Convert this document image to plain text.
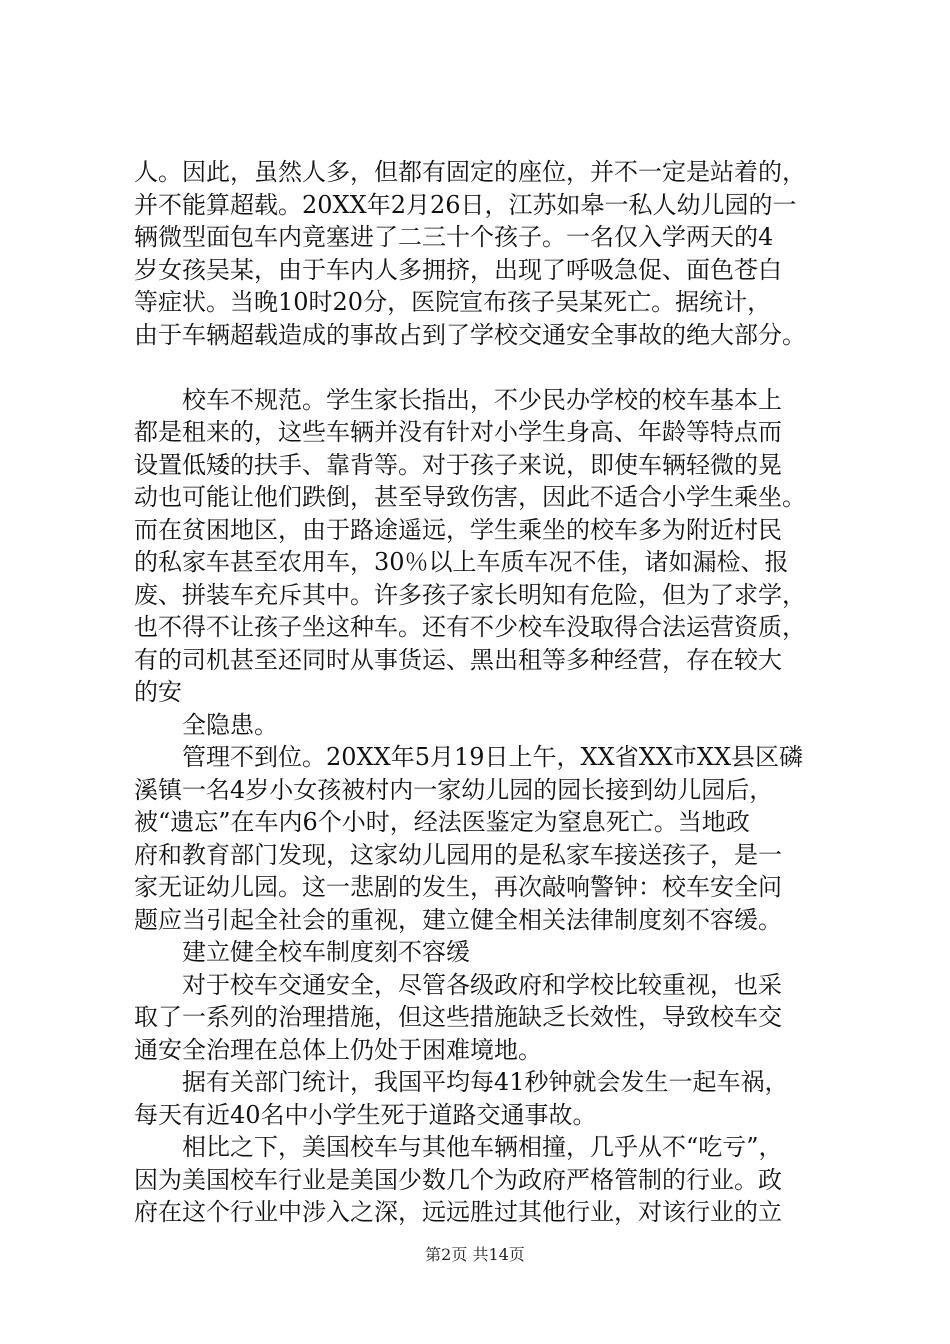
人。因此，虽然人多，但都有固定的座位，并不一定是站着的，
并不能算超载。20XX年2月26日，江苏如皋一私人幼儿园的一
辆微型面包车内竟塞进了二三十个孩子。一名仅入学两天的4
岁女孩吴某，由于车内人多拥挤，出现了呼吸急促、面色苍白
等症状。当晚10时20分，医院宣布孩子吴某死亡。据统计，
由于车辆超载造成的事故占到了学校交通安全事故的绝大部分。
校车不规范。学生家长指出，不少民办学校的校车基本上
都是租来的，这些车辆并没有针对小学生身高、年龄等特点而
设置低矮的扶手、靠背等。对于孩子来说，即使车辆轻微的晃
动也可能让他们跌倒，甚至导致伤害，因此不适合小学生乘坐。
而在贫困地区，由于路途遥远，学生乘坐的校车多为附近村民
的私家车甚至农用车，30％以上车质车况不佳，诸如漏检、报
废、拼装车充斥其中。许多孩子家长明知有危险，但为了求学，
也不得不让孩子坐这种车。还有不少校车没取得合法运营资质，
有的司机甚至还同时从事货运、黑出租等多种经营，存在较大
的安
全隐患。
管理不到位。20XX年5月19日上午，XX省XX市XX县区磷
溪镇一名4岁小女孩被村内一家幼儿园的园长接到幼儿园后，
被“遗忘”在车内6个小时，经法医鉴定为窒息死亡。当地政
府和教育部门发现，这家幼儿园用的是私家车接送孩子，是一
家无证幼儿园。这一悲剧的发生，再次敲响警钟：校车安全问
题应当引起全社会的重视，建立健全相关法律制度刻不容缓。
建立健全校车制度刻不容缓
对于校车交通安全，尽管各级政府和学校比较重视，也采
取了一系列的治理措施，但这些措施缺乏长效性，导致校车交
通安全治理在总体上仍处于困难境地。
据有关部门统计，我国平均每41秒钟就会发生一起车祸，
每天有近40名中小学生死于道路交通事故。
相比之下，美国校车与其他车辆相撞，几乎从不“吃亏”，
因为美国校车行业是美国少数几个为政府严格管制的行业。政
府在这个行业中涉入之深，远远胜过其他行业，对该行业的立
第2页 共14页
